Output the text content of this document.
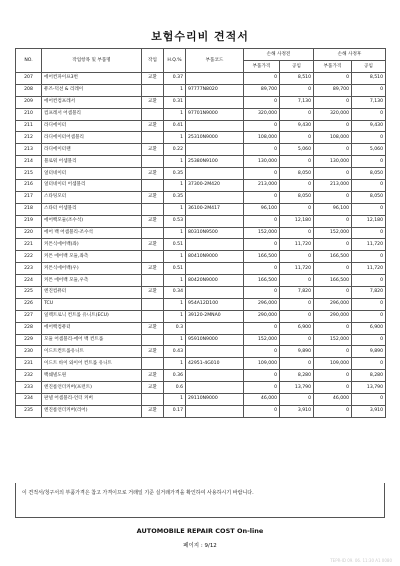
보험수리비 견적서
NO.	작업항목 및 부품명	작업	H.Q.%	부품코드	손해 사정전		손해 사정후	
					부품가격	공임	부품가격	공임
207	에어컨파이프3번	교환	0.37		0	8,510	0	8,510
208	퓨즈-덕션 & 리레이		1	97777N8020	89,700	0	89,700	0
209	에어컨컴프레서	교환	0.31		0	7,130	0	7,130
210	컴프레서 어셈블리		1	97701N9000	320,000	0	320,000	0
211	라디에이터	교환	0.41		0	9,430	0	9,430
212	라디에이터어셈블리		1	25310N9000	108,000	0	108,000	0
213	라디에이터랜	교환	0.22		0	5,060	0	5,060
214	블로워 어셈블리		1	25380N9100	130,000	0	130,000	0
215	얼터네이터	교환	0.35		0	8,050	0	8,050
216	얼터네이터 어셈블리		1	37300-2M420	213,000	0	213,000	0
217	스타팅모터	교환	0.35		0	8,050	0	8,050
218	스타터 어셈블리		1	36100-2M417	96,100	0	96,100	0
219	에어백모듈(조수석)	교환	0.53		0	12,180	0	12,180
220	에어 백 어셈블리-조수석		1	80310N9500	152,000	0	152,000	0
221	커튼식에어백(좌)	교환	0.51		0	11,720	0	11,720
222	커튼 에어백 모듈,좌측		1	80410N9000	166,500	0	166,500	0
223	커튼식에어백(우)	교환	0.51		0	11,720	0	11,720
224	커튼 에어백 모듈,우측		1	80420N9000	166,500	0	166,500	0
225	엔진컴퓨터	교환	0.34		0	7,820	0	7,820
226	TCU		1	954A12D100	296,000	0	296,000	0
227	일렉트로닉 컨트롤 유니트(ECU)		1	39120-2MNA0	290,000	0	290,000	0
228	에어백컴퓨터	교환	0.3		0	6,900	0	6,900
229	모듈 어셈블리-에어 백 컨트롤		1	95910N9000	152,000	0	152,000	0
230	이드트컨트롤유니트	교환	0.43		0	9,890	0	9,890
231	이드트 바이 와이어 컨트롤 유니트		1	42951-4G010	109,000	0	109,000	0
232	백쉐넬도원	교환	0.36		0	8,280	0	8,280
233	엔진룸언더커버(프런트)	교환	0.6		0	13,790	0	13,790
234	판넬 어셈블리-언더 커버		1	29110N9000	46,000	0	46,000	0
235	엔진룸언더커버(리어)	교환	0.17		0	3,910	0	3,910
이 견적서/청구서의 부품가격은 참고 가격이므로 거래일 기준 실거래가격을 확인하여 사용하시기 바랍니다.
AUTOMOBILE REPAIR COST On-line
페이지 : 9/12
TEPR-ID 09. 06. 11:30 A1 0080
